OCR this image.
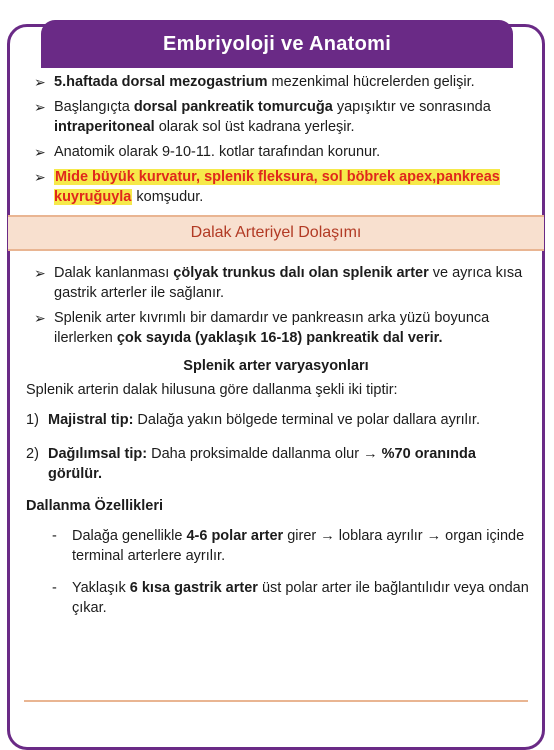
Embriyoloji ve Anatomi
➢ 5.haftada dorsal mezogastrium mezenkimal hücrelerden gelişir.
➢ Başlangıçta dorsal pankreatik tomurcuğa yapışıktır ve sonrasında intraperitoneal olarak sol üst kadrana yerleşir.
➢ Anatomik olarak 9-10-11. kotlar tarafından korunur.
➢ Mide büyük kurvatur, splenik fleksura, sol böbrek apex,pankreas kuyruğuyla komşudur.
Dalak Arteriyel Dolaşımı
➢ Dalak kanlanması çölyak trunkus dalı olan splenik arter ve ayrıca kısa gastrik arterler ile sağlanır.
➢ Splenik arter kıvrımlı bir damardır ve pankreasın arka yüzü boyunca ilerlerken çok sayıda (yaklaşık 16-18) pankreatik dal verir.
Splenik arter varyasyonları
Splenik arterin dalak hilusuna göre dallanma şekli iki tiptir:
1) Majistral tip: Dalağa yakın bölgede terminal ve polar dallara ayrılır.
2) Dağılımsal tip: Daha proksimalde dallanma olur → %70 oranında görülür.
Dallanma Özellikleri
- Dalağa genellikle 4-6 polar arter girer → loblara ayrılır → organ içinde terminal arterlere ayrılır.
- Yaklaşık 6 kısa gastrik arter üst polar arter ile bağlantılıdır veya ondan çıkar.
